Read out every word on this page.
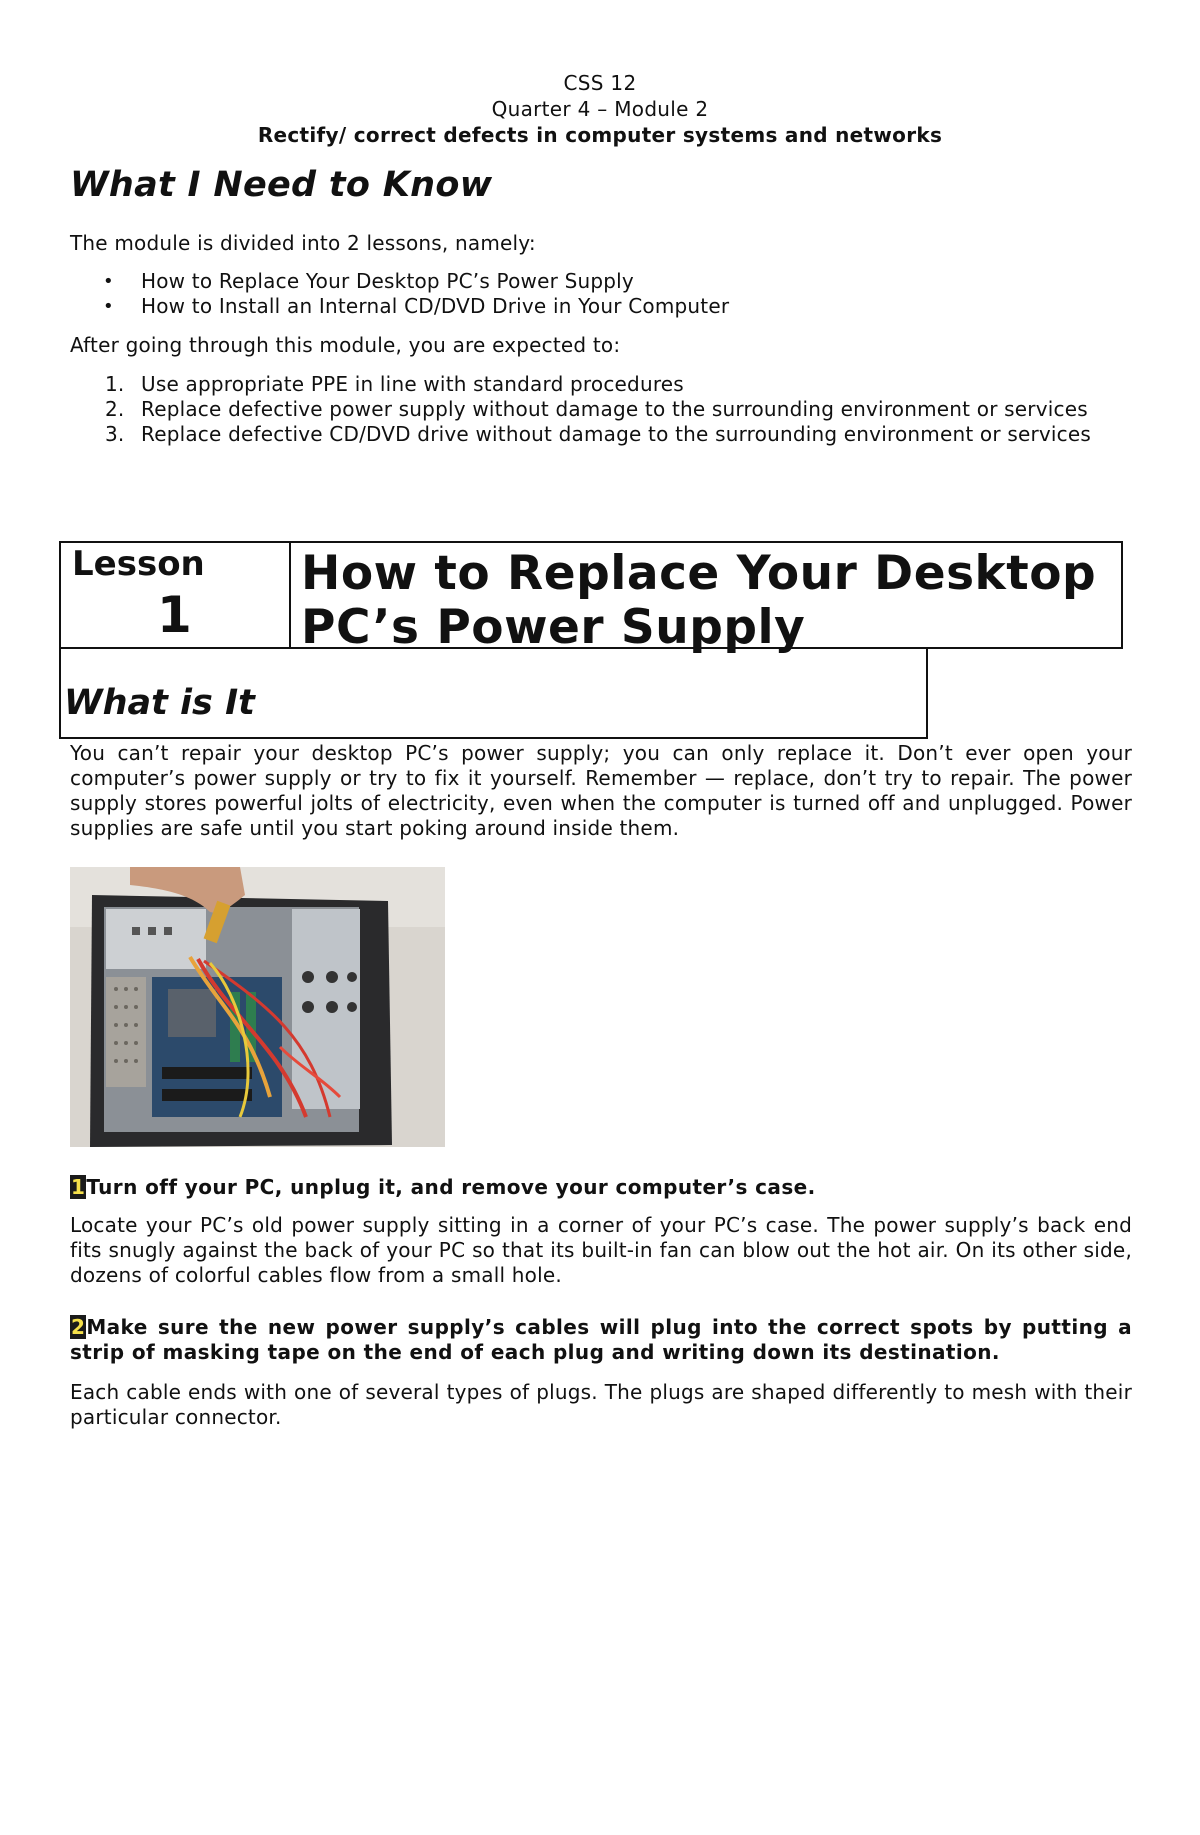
CSS 12
Quarter 4 – Module 2
Rectify/ correct defects in computer systems and networks
What I Need to Know

The module is divided into 2 lessons, namely:

• How to Replace Your Desktop PC’s Power Supply
• How to Install an Internal CD/DVD Drive in Your Computer

After going through this module, you are expected to:

1. Use appropriate PPE in line with standard procedures
2. Replace defective power supply without damage to the surrounding environment or services
3. Replace defective CD/DVD drive without damage to the surrounding environment or services
Lesson
1
How to Replace Your Desktop PC’s Power Supply
What is It

You can’t repair your desktop PC’s power supply; you can only replace it. Don’t ever open your computer’s power supply or try to fix it yourself. Remember — replace, don’t try to repair. The power supply stores powerful jolts of electricity, even when the computer is turned off and unplugged. Power supplies are safe until you start poking around inside them.

1Turn off your PC, unplug it, and remove your computer’s case.

Locate your PC’s old power supply sitting in a corner of your PC’s case. The power supply’s back end fits snugly against the back of your PC so that its built-in fan can blow out the hot air. On its other side, dozens of colorful cables flow from a small hole.

2Make sure the new power supply’s cables will plug into the correct spots by putting a strip of masking tape on the end of each plug and writing down its destination.

Each cable ends with one of several types of plugs. The plugs are shaped differently to mesh with their particular connector.
